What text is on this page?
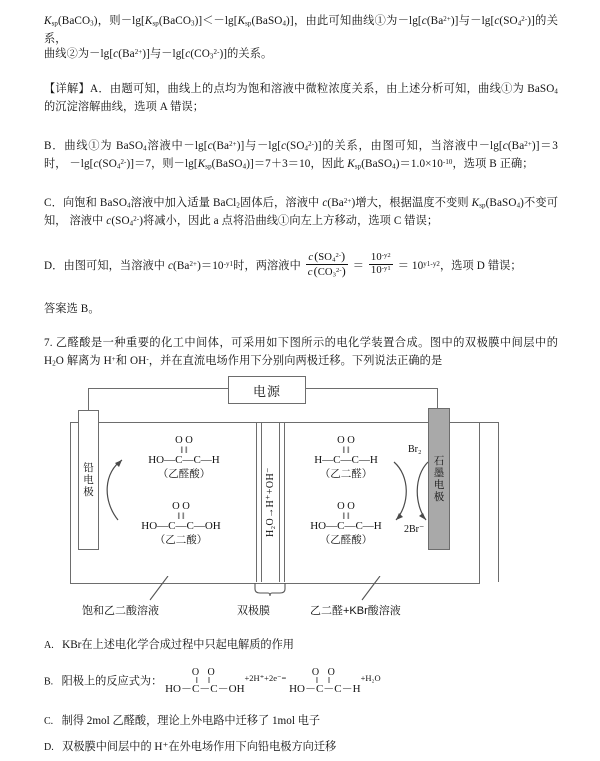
$K_{sp}(BaCO_3)$，则$-\lg[K_{sp}(BaCO_3)]<-\lg[K_{sp}(BaSO_4)]$，由此可知曲线①为$-\lg[c(Ba^{2+})]$与$-\lg[c(SO_4^{2-})]$的关系，
曲线②为$-\lg[c(Ba^{2+})]$与$-\lg[c(CO_3^{2-})]$的关系。
【详解】A．由题可知，曲线上的点均为饱和溶液中微粒浓度关系，由上述分析可知，曲线①为 BaSO$_4$的沉淀溶解曲线，选项 A 错误；
B．曲线①为 BaSO$_4$溶液中$-\lg[c(Ba^{2+})]$与$-\lg[c(SO_4^{2-})]$的关系，由图可知，当溶液中$-\lg[c(Ba^{2+})]=3$时， $-\lg[c(SO_4^{2-})]=7$，则$-\lg[K_{sp}(BaSO_4)]=7+3=10$，因此 $K_{sp}(BaSO_4)=1.0\times 10^{-10}$，选项 B 正确；
C．向饱和 BaSO$_4$溶液中加入适量 BaCl$_2$固体后，溶液中 $c(Ba^{2+})$增大，根据温度不变则 $K_{sp}(BaSO_4)$不变可知， 溶液中 $c(SO_4^{2-})$将减小，因此 a 点将沿曲线①向左上方移动，选项 C 错误；
D．由图可知，当溶液中 $c(Ba^{2+})=10^{-y1}$时，两溶液中 $\frac{c (SO_4^{2-})}{c (CO_3^{2-})} = \frac{10^{-y2}}{10^{-y1}} = 10^{y1-y2}$，选项 D 错误；
答案选 B。
7. 乙醛酸是一种重要的化工中间体，可采用如下图所示的电化学装置合成。图中的双极膜中间层中的 $H_2O$ 解离为 H+和 OH-，并在直流电场作用下分别向两极迁移。下列说法正确的是
电源
铅电极	石墨电极
H₂O→H⁺+OH⁻
O O
‖ ‖
HO—C—C—H
（乙醛酸）
O O
‖ ‖
HO—C—C—OH
（乙二酸）
O O
‖ ‖
H—C—C—H
（乙二醛）
O O
‖ ‖
HO—C—C—H
（乙醛酸）
Br₂
2Br⁻
饱和乙二酸溶液	双极膜	乙二醛+KBr酸溶液
A. KBr在上述电化学合成过程中只起电解质的作用
B. 阳极上的反应式为：
O O
‖ ‖
HO－C－C－OH
$^{+2H^++2e^-=}$
O O
‖ ‖
HO－C－C－H
$^{+H_2O}$
C. 制得 2mol 乙醛酸，理论上外电路中迁移了 1mol 电子
D. 双极膜中间层中的 H⁺在外电场作用下向铅电极方向迁移
